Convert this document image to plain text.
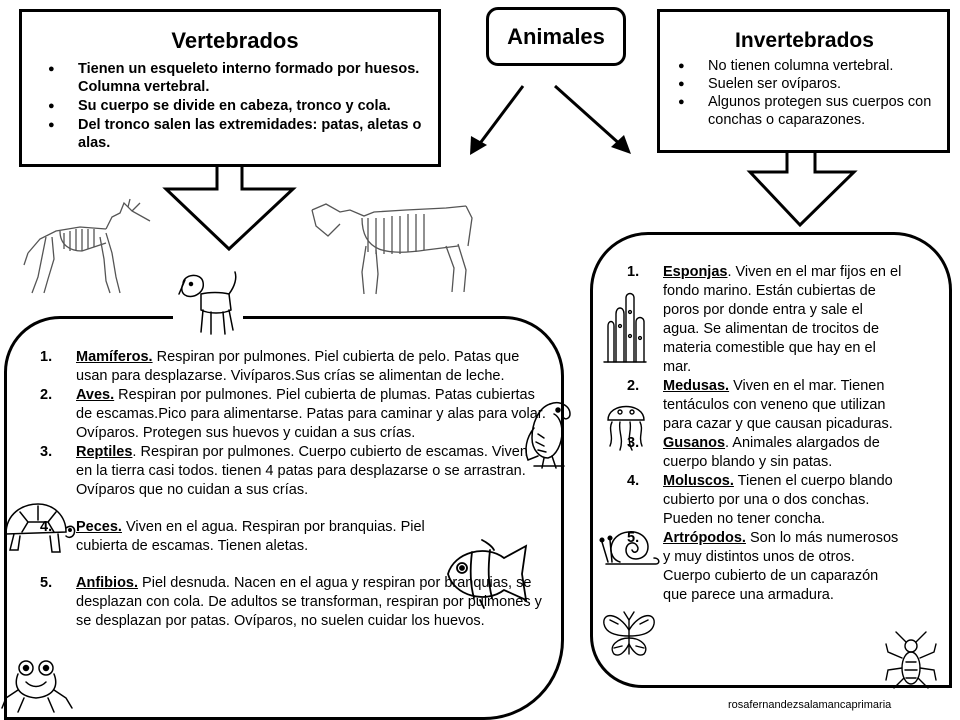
Vertebrados
● Tienen un esqueleto interno formado por huesos. Columna vertebral.
● Su cuerpo se divide en cabeza, tronco y cola.
● Del tronco salen las extremidades: patas, aletas o alas.
Animales	Invertebrados
● No tienen columna vertebral.
● Suelen ser ovíparos.
● Algunos protegen sus cuerpos con conchas o caparazones.
1. Mamíferos. Respiran por pulmones. Piel cubierta de pelo. Patas que usan para desplazarse. Vivíparos.Sus crías se alimentan de leche.
2. Aves. Respiran por pulmones. Piel cubierta de plumas. Patas cubiertas de escamas.Pico para alimentarse. Patas para caminar y alas para volar. Ovíparos. Protegen sus huevos y cuidan a sus crías.
3. Reptiles. Respiran por pulmones. Cuerpo cubierto de escamas. Viven en la tierra casi todos. tienen 4 patas para desplazarse o se arrastran. Ovíparos que no cuidan a sus crías.
4. Peces. Viven en el agua. Respiran por branquias. Piel cubierta de escamas. Tienen aletas.
5. Anfibios. Piel desnuda. Nacen en el agua y respiran por branquias, se desplazan con cola. De adultos se transforman, respiran por pulmones y se desplazan por patas. Ovíparos, no suelen cuidar los huevos.
1. Esponjas. Viven en el mar fijos en el fondo marino. Están cubiertas de poros por donde entra y sale el agua. Se alimentan de trocitos de materia comestible que hay en el mar.
2. Medusas. Viven en el mar. Tienen tentáculos con veneno que utilizan para cazar y que causan picaduras.
3. Gusanos. Animales alargados de cuerpo blando y sin patas.
4. Moluscos. Tienen el cuerpo blando cubierto por una o dos conchas. Pueden no tener concha.
5. Artrópodos. Son lo más numerosos y muy distintos unos de otros. Cuerpo cubierto de un caparazón que parece una armadura.
rosafernandezsalamancaprimaria
